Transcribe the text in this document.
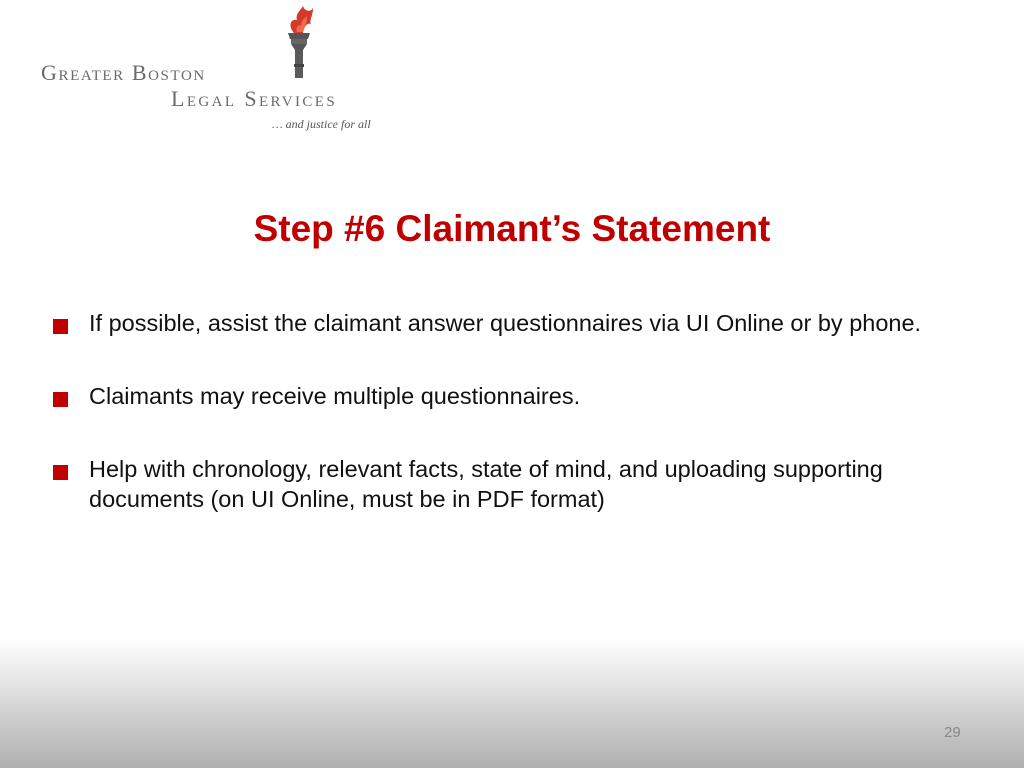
Greater Boston
Legal Services
… and justice for all
Step #6 Claimant’s Statement
If possible, assist the claimant answer questionnaires via UI Online or by phone.
Claimants may receive multiple questionnaires.
Help with chronology, relevant facts, state of mind, and uploading supporting documents (on UI Online, must be in PDF format)
29
